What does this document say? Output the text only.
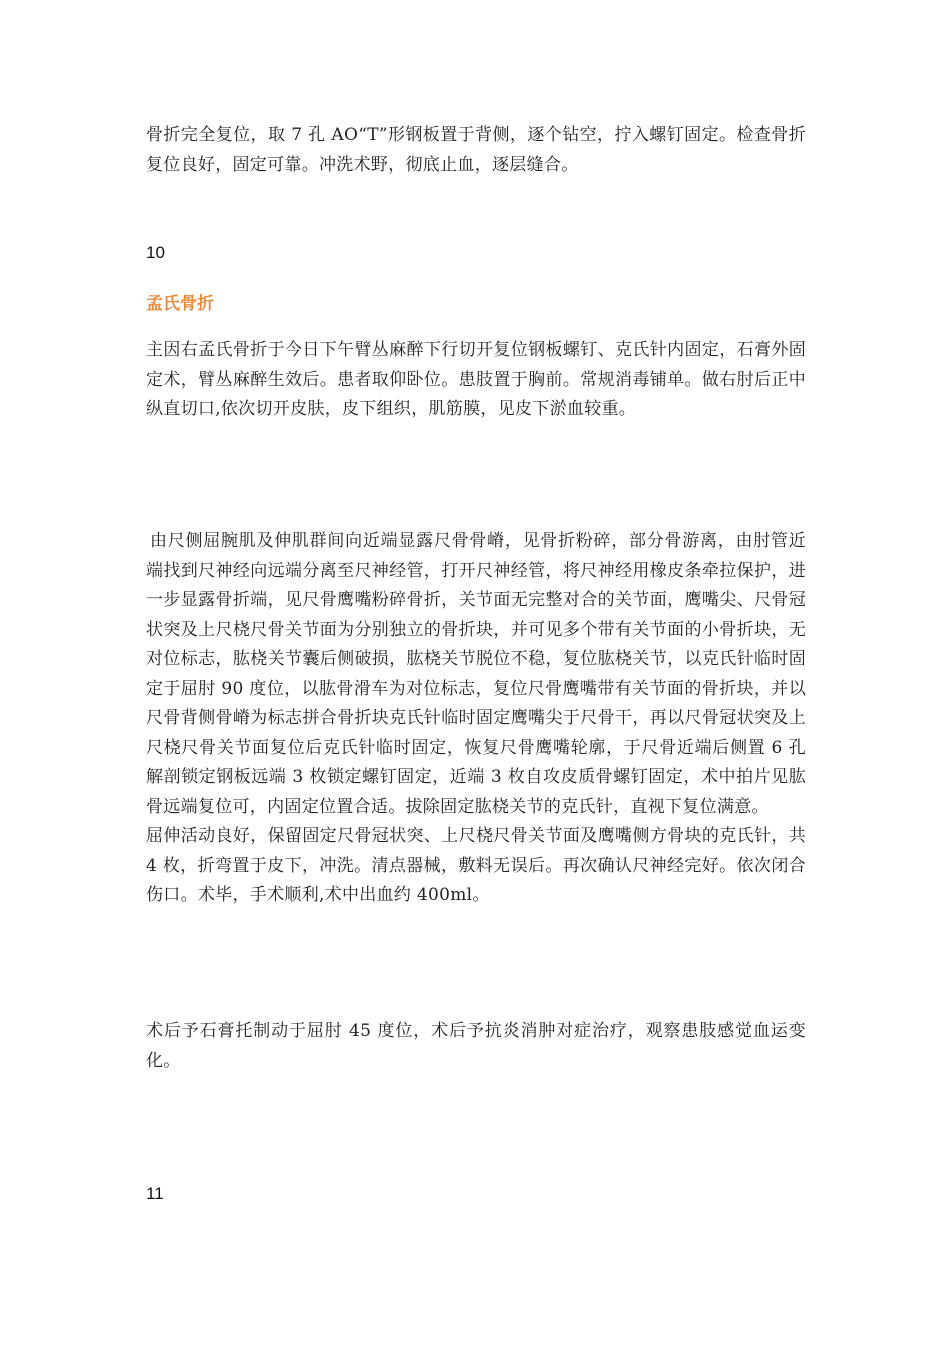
骨折完全复位，取 7 孔 AO“T”形钢板置于背侧，逐个钻空，拧入螺钉固定。检查骨折复位良好，固定可靠。冲洗术野，彻底止血，逐层缝合。

10
孟氏骨折

主因右孟氏骨折于今日下午臂丛麻醉下行切开复位钢板螺钉、克氏针内固定，石膏外固定术，臂丛麻醉生效后。患者取仰卧位。患肢置于胸前。常规消毒铺单。做右肘后正中纵直切口,依次切开皮肤，皮下组织，肌筋膜，见皮下淤血较重。

由尺侧屈腕肌及伸肌群间向近端显露尺骨骨嵴，见骨折粉碎，部分骨游离，由肘管近端找到尺神经向远端分离至尺神经管，打开尺神经管，将尺神经用橡皮条牵拉保护，进一步显露骨折端，见尺骨鹰嘴粉碎骨折，关节面无完整对合的关节面，鹰嘴尖、尺骨冠状突及上尺桡尺骨关节面为分别独立的骨折块，并可见多个带有关节面的小骨折块，无对位标志，肱桡关节囊后侧破损，肱桡关节脱位不稳，复位肱桡关节，以克氏针临时固定于屈肘 90 度位，以肱骨滑车为对位标志，复位尺骨鹰嘴带有关节面的骨折块，并以尺骨背侧骨嵴为标志拼合骨折块克氏针临时固定鹰嘴尖于尺骨干，再以尺骨冠状突及上尺桡尺骨关节面复位后克氏针临时固定，恢复尺骨鹰嘴轮廓，于尺骨近端后侧置 6 孔解剖锁定钢板远端 3 枚锁定螺钉固定，近端 3 枚自攻皮质骨螺钉固定，术中拍片见肱骨远端复位可，内固定位置合适。拔除固定肱桡关节的克氏针，直视下复位满意。

屈伸活动良好，保留固定尺骨冠状突、上尺桡尺骨关节面及鹰嘴侧方骨块的克氏针，共 4 枚，折弯置于皮下，冲洗。清点器械，敷料无误后。再次确认尺神经完好。依次闭合伤口。术毕，手术顺利,术中出血约 400ml。

术后予石膏托制动于屈肘 45 度位，术后予抗炎消肿对症治疗，观察患肢感觉血运变化。

11
